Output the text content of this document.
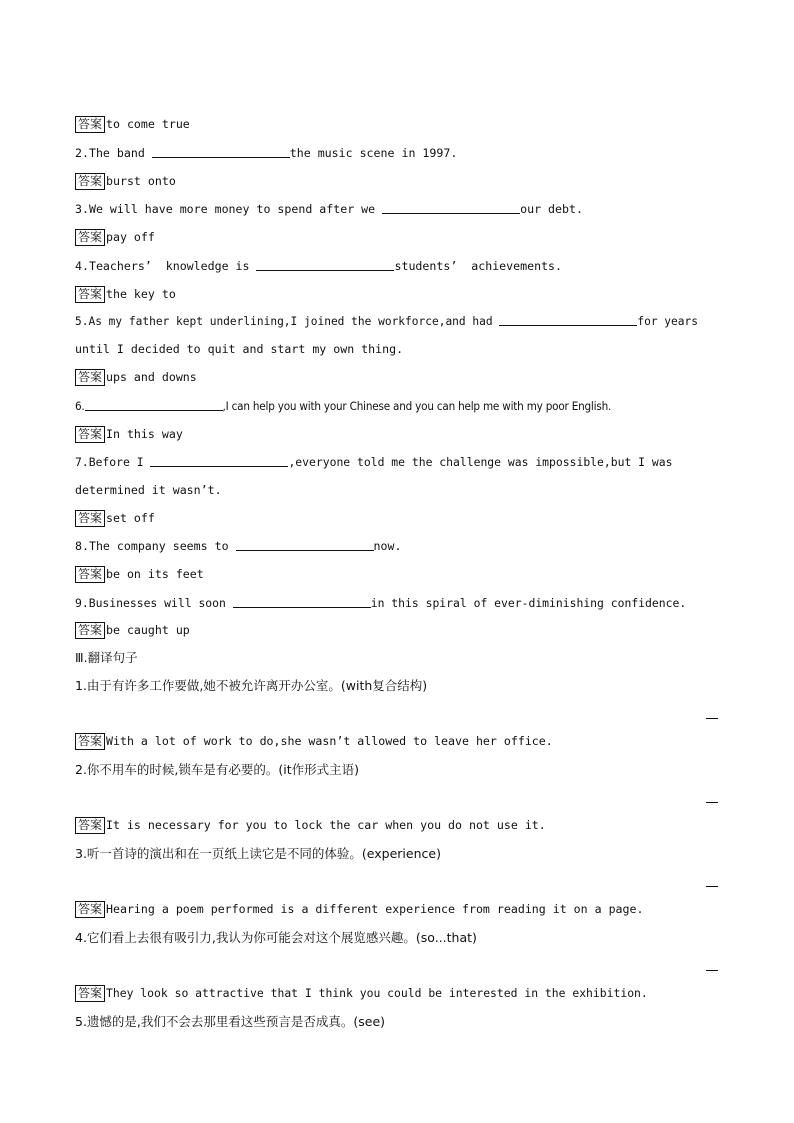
答案 to come true
2.The band	the music scene in 1997.
答案 burst onto
3.We will have more money to spend after we	our debt.
答案 pay off
4.Teachers’  knowledge is	students’  achievements.
答案 the key to
5.As my father kept underlining,I joined the workforce,and had	for years
until I decided to quit and start my own thing.
答案 ups and downs
6.	,I can help you with your Chinese and you can help me with my poor English.
答案 In this way
7.Before I	,everyone told me the challenge was impossible,but I was
determined it wasn’t.
答案 set off
8.The company seems to	now.
答案 be on its feet
9.Businesses will soon	in this spiral of ever-diminishing confidence.
答案 be caught up
Ⅲ.翻译句子
1.由于有许多工作要做,她不被允许离开办公室。(with复合结构)
答案 With a lot of work to do,she wasn’t allowed to leave her office.
2.你不用车的时候,锁车是有必要的。(it作形式主语)
答案 It is necessary for you to lock the car when you do not use it.
3.听一首诗的演出和在一页纸上读它是不同的体验。(experience)
答案 Hearing a poem performed is a different experience from reading it on a page.
4.它们看上去很有吸引力,我认为你可能会对这个展览感兴趣。(so...that)
答案 They look so attractive that I think you could be interested in the exhibition.
5.遗憾的是,我们不会去那里看这些预言是否成真。(see)
